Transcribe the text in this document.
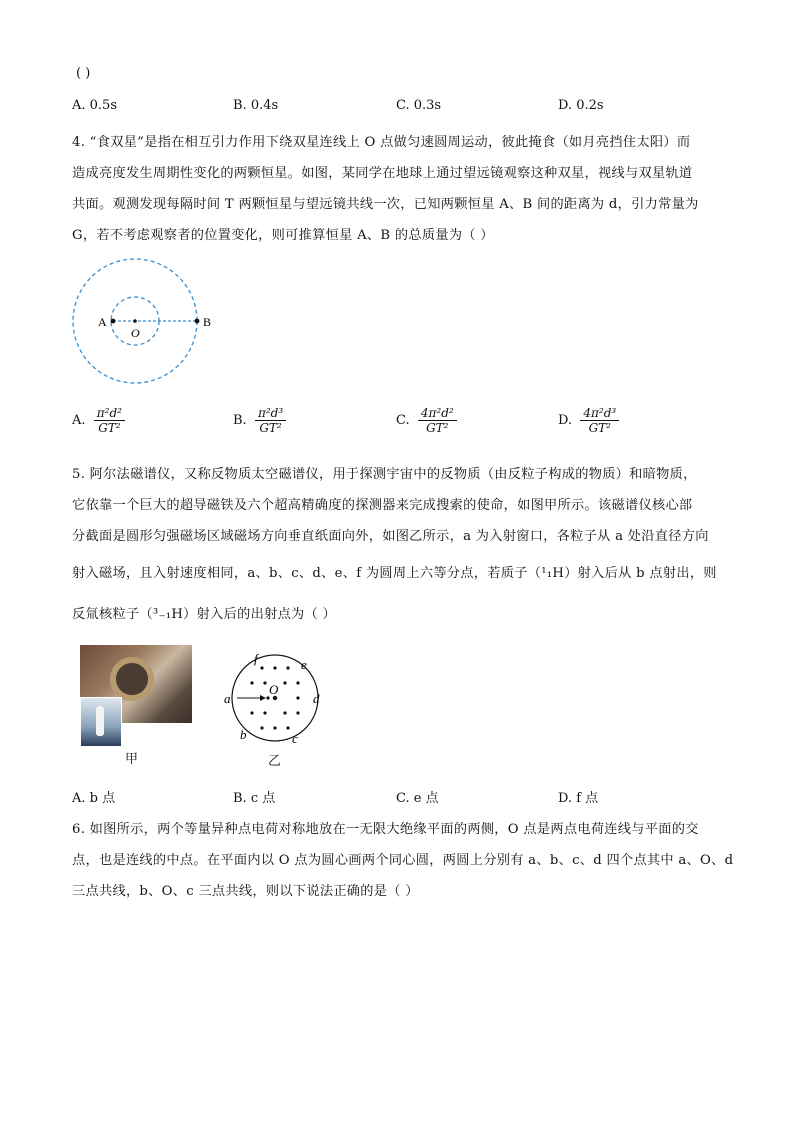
( )
A. 0.5s	B. 0.4s	C. 0.3s	D. 0.2s
4. “食双星”是指在相互引力作用下绕双星连线上 O 点做匀速圆周运动，彼此掩食（如月亮挡住太阳）而
造成亮度发生周期性变化的两颗恒星。如图，某同学在地球上通过望远镜观察这种双星，视线与双星轨道
共面。观测发现每隔时间 T 两颗恒星与望远镜共线一次，已知两颗恒星 A、B 间的距离为 d，引力常量为
G，若不考虑观察者的位置变化，则可推算恒星 A、B 的总质量为（ ）
A
O
B
A. $\frac{\text{π²d²}}{\text{GT²}}$	B. $\frac{\text{π²d³}}{\text{GT²}}$	C. $\frac{\text{4π²d²}}{\text{GT²}}$	D. $\frac{\text{4π²d³}}{\text{GT²}}$
5. 阿尔法磁谱仪，又称反物质太空磁谱仪，用于探测宇宙中的反物质（由反粒子构成的物质）和暗物质，
它依靠一个巨大的超导磁铁及六个超高精确度的探测器来完成搜索的使命，如图甲所示。该磁谱仪核心部
分截面是圆形匀强磁场区域磁场方向垂直纸面向外，如图乙所示，a 为入射窗口，各粒子从 a 处沿直径方向
射入磁场，且入射速度相同，a、b、c、d、e、f 为圆周上六等分点，若质子（¹₁H）射入后从 b 点射出，则
反氚核粒子（³₋₁H）射入后的出射点为（ ）
甲
a
f	e
d
b	c
O
乙
A. b 点	B. c 点	C. e 点	D. f 点
6. 如图所示，两个等量异种点电荷对称地放在一无限大绝缘平面的两侧，O 点是两点电荷连线与平面的交
点，也是连线的中点。在平面内以 O 点为圆心画两个同心圆，两圆上分别有 a、b、c、d 四个点其中 a、O、d
三点共线，b、O、c 三点共线，则以下说法正确的是（ ）
